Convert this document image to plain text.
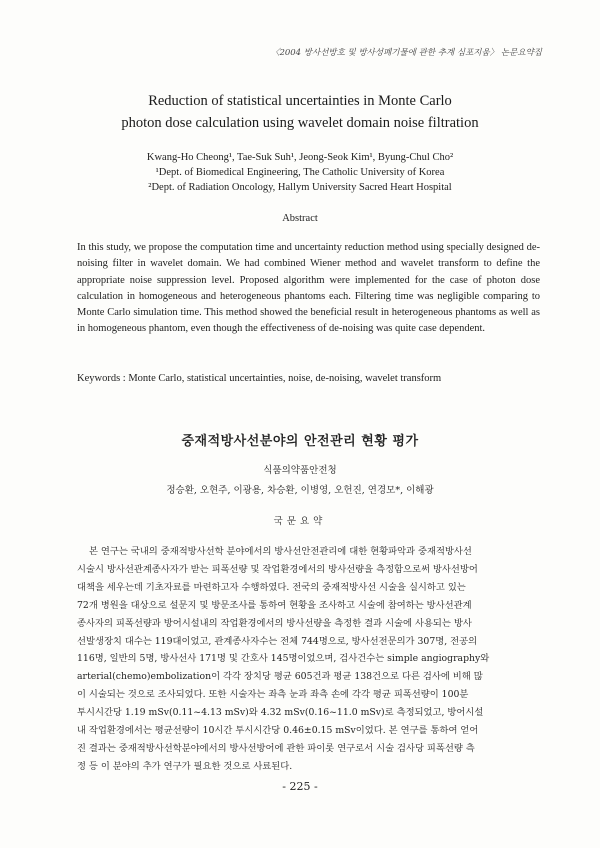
〈2004 방사선방호 및 방사성폐기물에 관한 추계 심포지움〉 논문요약집
Reduction of statistical uncertainties in Monte Carlo
photon dose calculation using wavelet domain noise filtration
Kwang-Ho Cheong¹, Tae-Suk Suh¹, Jeong-Seok Kim¹, Byung-Chul Cho²
¹Dept. of Biomedical Engineering, The Catholic University of Korea
²Dept. of Radiation Oncology, Hallym University Sacred Heart Hospital
Abstract
In this study, we propose the computation time and uncertainty reduction method using specially designed de-noising filter in wavelet domain. We had combined Wiener method and wavelet transform to define the appropriate noise suppression level. Proposed algorithm were implemented for the case of photon dose calculation in homogeneous and heterogeneous phantoms each. Filtering time was negligible comparing to Monte Carlo simulation time. This method showed the beneficial result in heterogeneous phantoms as well as in homogeneous phantom, even though the effectiveness of de-noising was quite case dependent.
Keywords : Monte Carlo, statistical uncertainties, noise, de-noising, wavelet transform
중재적방사선분야의 안전관리 현황 평가
식품의약품안전청
정승환, 오현주, 이광용, 차승환, 이병영, 오헌진, 연경모*, 이해광
국문요약
본 연구는 국내의 중재적방사선학 분야에서의 방사선안전관리에 대한 현황파악과 중재적방사선
시술시 방사선관계종사자가 받는 피폭선량 및 작업환경에서의 방사선량을 측정함으로써 방사선방어
대책을 세우는데 기초자료를 마련하고자 수행하였다. 전국의 중재적방사선 시술을 실시하고 있는
72개 병원을 대상으로 설문지 및 방문조사를 통하여 현황을 조사하고 시술에 참여하는 방사선관계
종사자의 피폭선량과 방어시설내의 작업환경에서의 방사선량을 측정한 결과 시술에 사용되는 방사
선발생장치 대수는 119대이었고, 관계종사자수는 전체 744명으로, 방사선전문의가 307명, 전공의
116명, 일반의 5명, 방사선사 171명 및 간호사 145명이었으며, 검사건수는 simple angiography와
arterial(chemo)embolization이 각각 장치당 평균 605건과 평균 138건으로 다른 검사에 비해 많
이 시술되는 것으로 조사되었다. 또한 시술자는 좌측 눈과 좌측 손에 각각 평균 피폭선량이 100분
투시시간당 1.19 mSv(0.11~4.13 mSv)와 4.32 mSv(0.16~11.0 mSv)로 측정되었고, 방어시설
내 작업환경에서는 평균선량이 10시간 투시시간당 0.46±0.15 mSv이었다. 본 연구를 통하여 얻어
진 결과는 중재적방사선학분야에서의 방사선방어에 관한 파이롯 연구로서 시술 검사당 피폭선량 측
정 등 이 분야의 추가 연구가 필요한 것으로 사료된다.
- 225 -
